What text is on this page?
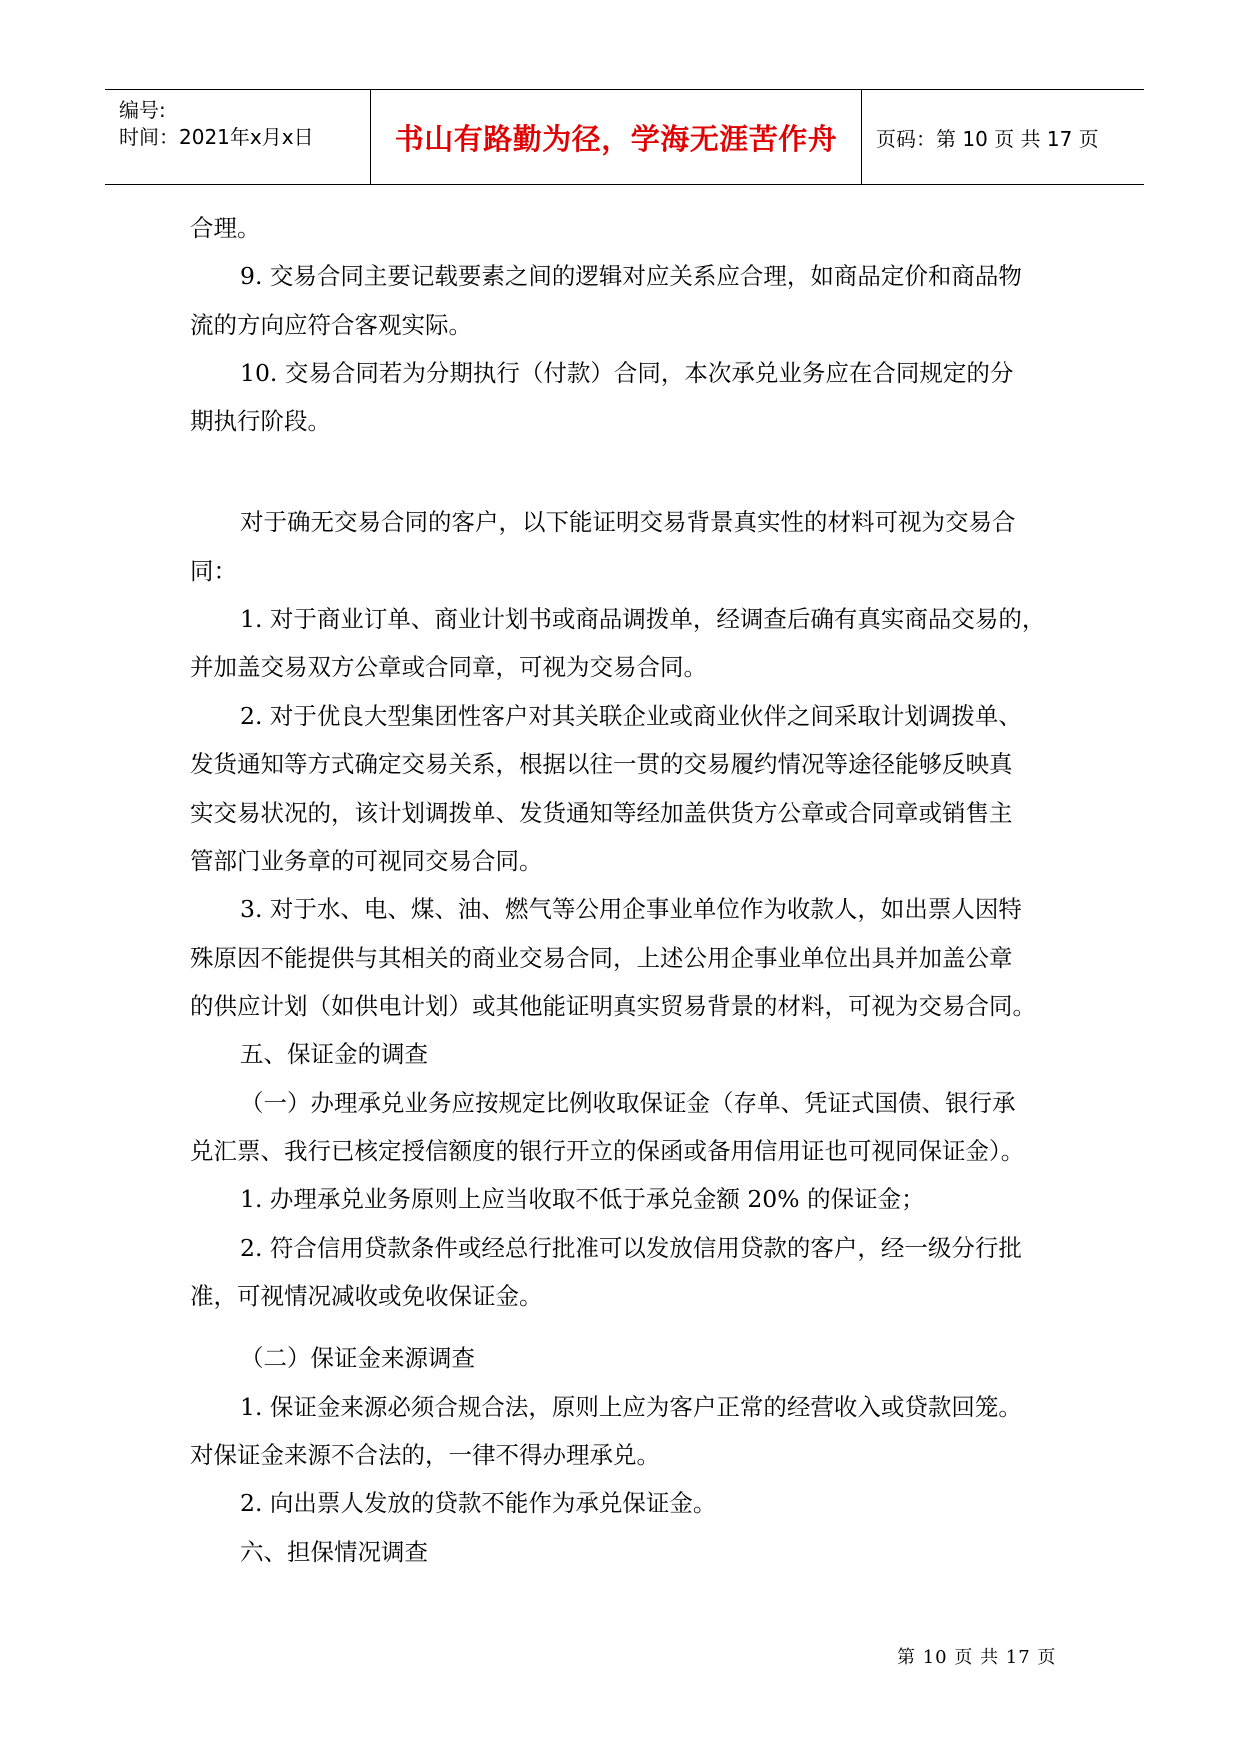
编号:
时间：2021年x月x日	书山有路勤为径，学海无涯苦作舟 页码：第 10 页 共 17 页

合理。

9. 交易合同主要记载要素之间的逻辑对应关系应合理，如商品定价和商品物

流的方向应符合客观实际。

10. 交易合同若为分期执行（付款）合同，本次承兑业务应在合同规定的分

期执行阶段。

对于确无交易合同的客户，以下能证明交易背景真实性的材料可视为交易合

同：

1. 对于商业订单、商业计划书或商品调拨单，经调查后确有真实商品交易的，

并加盖交易双方公章或合同章，可视为交易合同。

2. 对于优良大型集团性客户对其关联企业或商业伙伴之间采取计划调拨单、

发货通知等方式确定交易关系，根据以往一贯的交易履约情况等途径能够反映真

实交易状况的，该计划调拨单、发货通知等经加盖供货方公章或合同章或销售主

管部门业务章的可视同交易合同。

3. 对于水、电、煤、油、燃气等公用企事业单位作为收款人，如出票人因特

殊原因不能提供与其相关的商业交易合同，上述公用企事业单位出具并加盖公章

的供应计划（如供电计划）或其他能证明真实贸易背景的材料，可视为交易合同。

五、保证金的调查

（一）办理承兑业务应按规定比例收取保证金（存单、凭证式国债、银行承

兑汇票、我行已核定授信额度的银行开立的保函或备用信用证也可视同保证金）。

1. 办理承兑业务原则上应当收取不低于承兑金额 20% 的保证金；

2. 符合信用贷款条件或经总行批准可以发放信用贷款的客户，经一级分行批

准，可视情况减收或免收保证金。

（二）保证金来源调查

1. 保证金来源必须合规合法，原则上应为客户正常的经营收入或贷款回笼。

对保证金来源不合法的，一律不得办理承兑。

2. 向出票人发放的贷款不能作为承兑保证金。

六、担保情况调查

第 10 页 共 17 页
